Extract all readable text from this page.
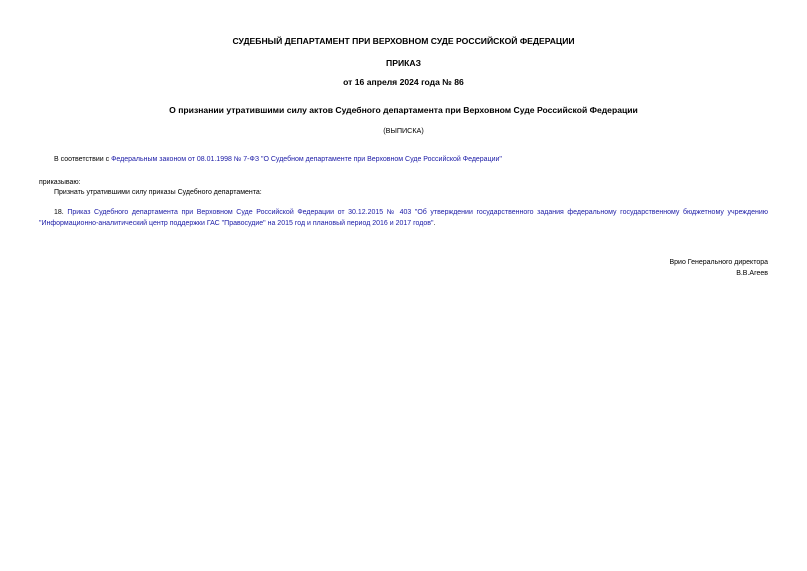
СУДЕБНЫЙ ДЕПАРТАМЕНТ ПРИ ВЕРХОВНОМ СУДЕ РОССИЙСКОЙ ФЕДЕРАЦИИ
ПРИКАЗ
от 16 апреля 2024 года № 86
О признании утратившими силу актов Судебного департамента при Верховном Суде Российской Федерации
(ВЫПИСКА)
В соответствии с Федеральным законом от 08.01.1998 № 7-ФЗ "О Судебном департаменте при Верховном Суде Российской Федерации"
приказываю:
Признать утратившими силу приказы Судебного департамента:
18. Приказ Судебного департамента при Верховном Суде Российской Федерации от 30.12.2015 № 403 "Об утверждении государственного задания федеральному государственному бюджетному учреждению
"Информационно-аналитический центр поддержки ГАС "Правосудие" на 2015 год и плановый период 2016 и 2017 годов".
Врио Генерального директора
В.В.Агеев
